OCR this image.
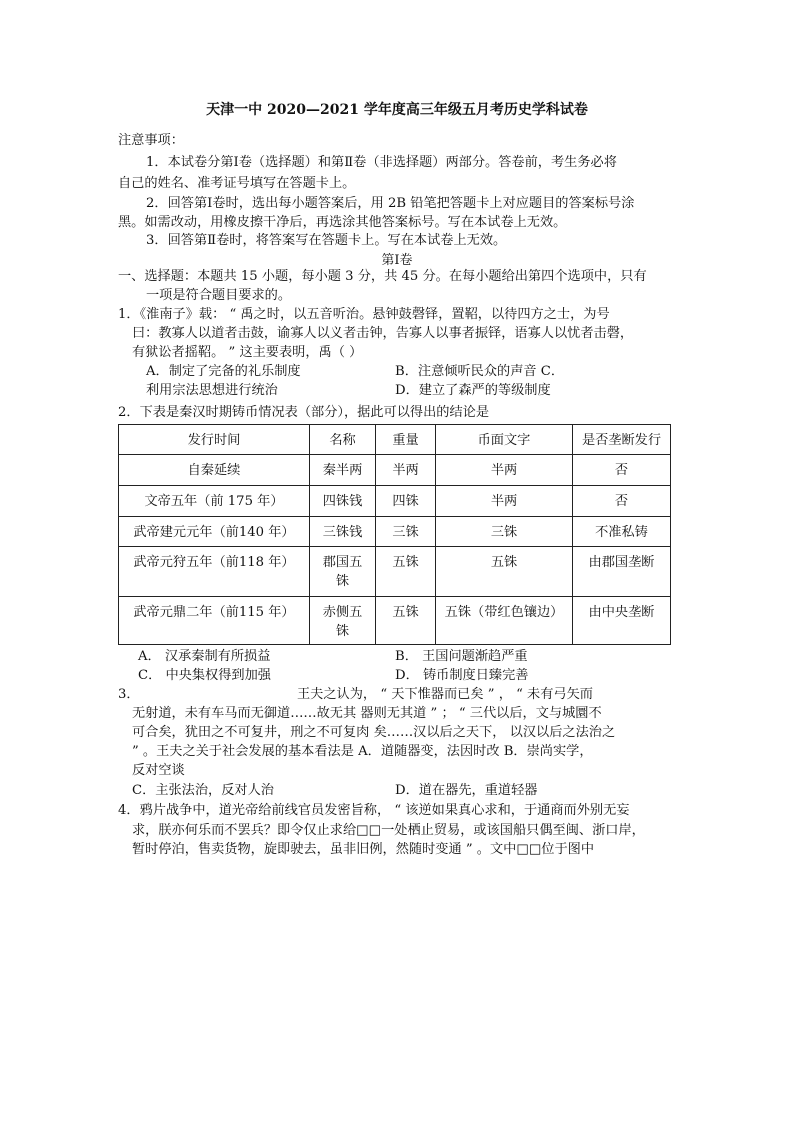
天津一中 2020—2021 学年度高三年级五月考历史学科试卷
注意事项：
1．本试卷分第Ⅰ卷（选择题）和第Ⅱ卷（非选择题）两部分。答卷前，考生务必将
自己的姓名、准考证号填写在答题卡上。
2．回答第Ⅰ卷时，选出每小题答案后，用 2B 铅笔把答题卡上对应题目的答案标号涂
黑。如需改动，用橡皮擦干净后，再选涂其他答案标号。写在本试卷上无效。
3．回答第Ⅱ卷时，将答案写在答题卡上。写在本试卷上无效。
第Ⅰ卷
一、选择题：本题共 15 小题，每小题 3 分，共 45 分。在每小题给出第四个选项中，只有
一项是符合题目要求的。
1．《淮南子》载： “ 禹之时，以五音听治。悬钟鼓磬铎，置鞀，以待四方之士，为号
曰：教寡人以道者击鼓，谕寡人以义者击钟，告寡人以事者振铎，语寡人以忧者击磬，
有狱讼者摇鞀。 ” 这主要表明，禹（ ）
A．制定了完备的礼乐制度	B．注意倾听民众的声音 C．
利用宗法思想进行统治	D．建立了森严的等级制度
2．下表是秦汉时期铸币情况表（部分），据此可以得出的结论是
发行时间	名称	重量	币面文字	是否垄断发行
自秦延续	秦半两	半两	半两	否
文帝五年（前 175 年）	四铢钱	四铢	半两	否
武帝建元元年（前140 年）	三铢钱	三铢	三铢	不准私铸
武帝元狩五年（前118 年）	郡国五铢	五铢	五铢	由郡国垄断
武帝元鼎二年（前115 年）	赤侧五铢	五铢	五铢（带红色镶边）	由中央垄断
A． 汉承秦制有所损益	B． 王国问题渐趋严重
C． 中央集权得到加强	D． 铸币制度日臻完善
3．	王夫之认为， “ 天下惟器而已矣 ” ， “ 未有弓矢而
无射道，未有车马而无御道……故无其 器则无其道 ” ； “ 三代以后，文与城圜不
可合矣，犹田之不可复井，刑之不可复肉 矣……汉以后之天下， 以汉以后之法治之
” 。王夫之关于社会发展的基本看法是 A．道随器变，法因时改 B．崇尚实学，
反对空谈
C．主张法治，反对人治	D．道在器先，重道轻器
4．鸦片战争中，道光帝给前线官员发密旨称， “ 该逆如果真心求和，于通商而外别无妄
求，朕亦何乐而不罢兵？即令仅止求给□□一处栖止贸易，或该国船只偶至闽、浙口岸，
暂时停泊，售卖货物，旋即驶去，虽非旧例，然随时变通 ” 。文中□□位于图中
